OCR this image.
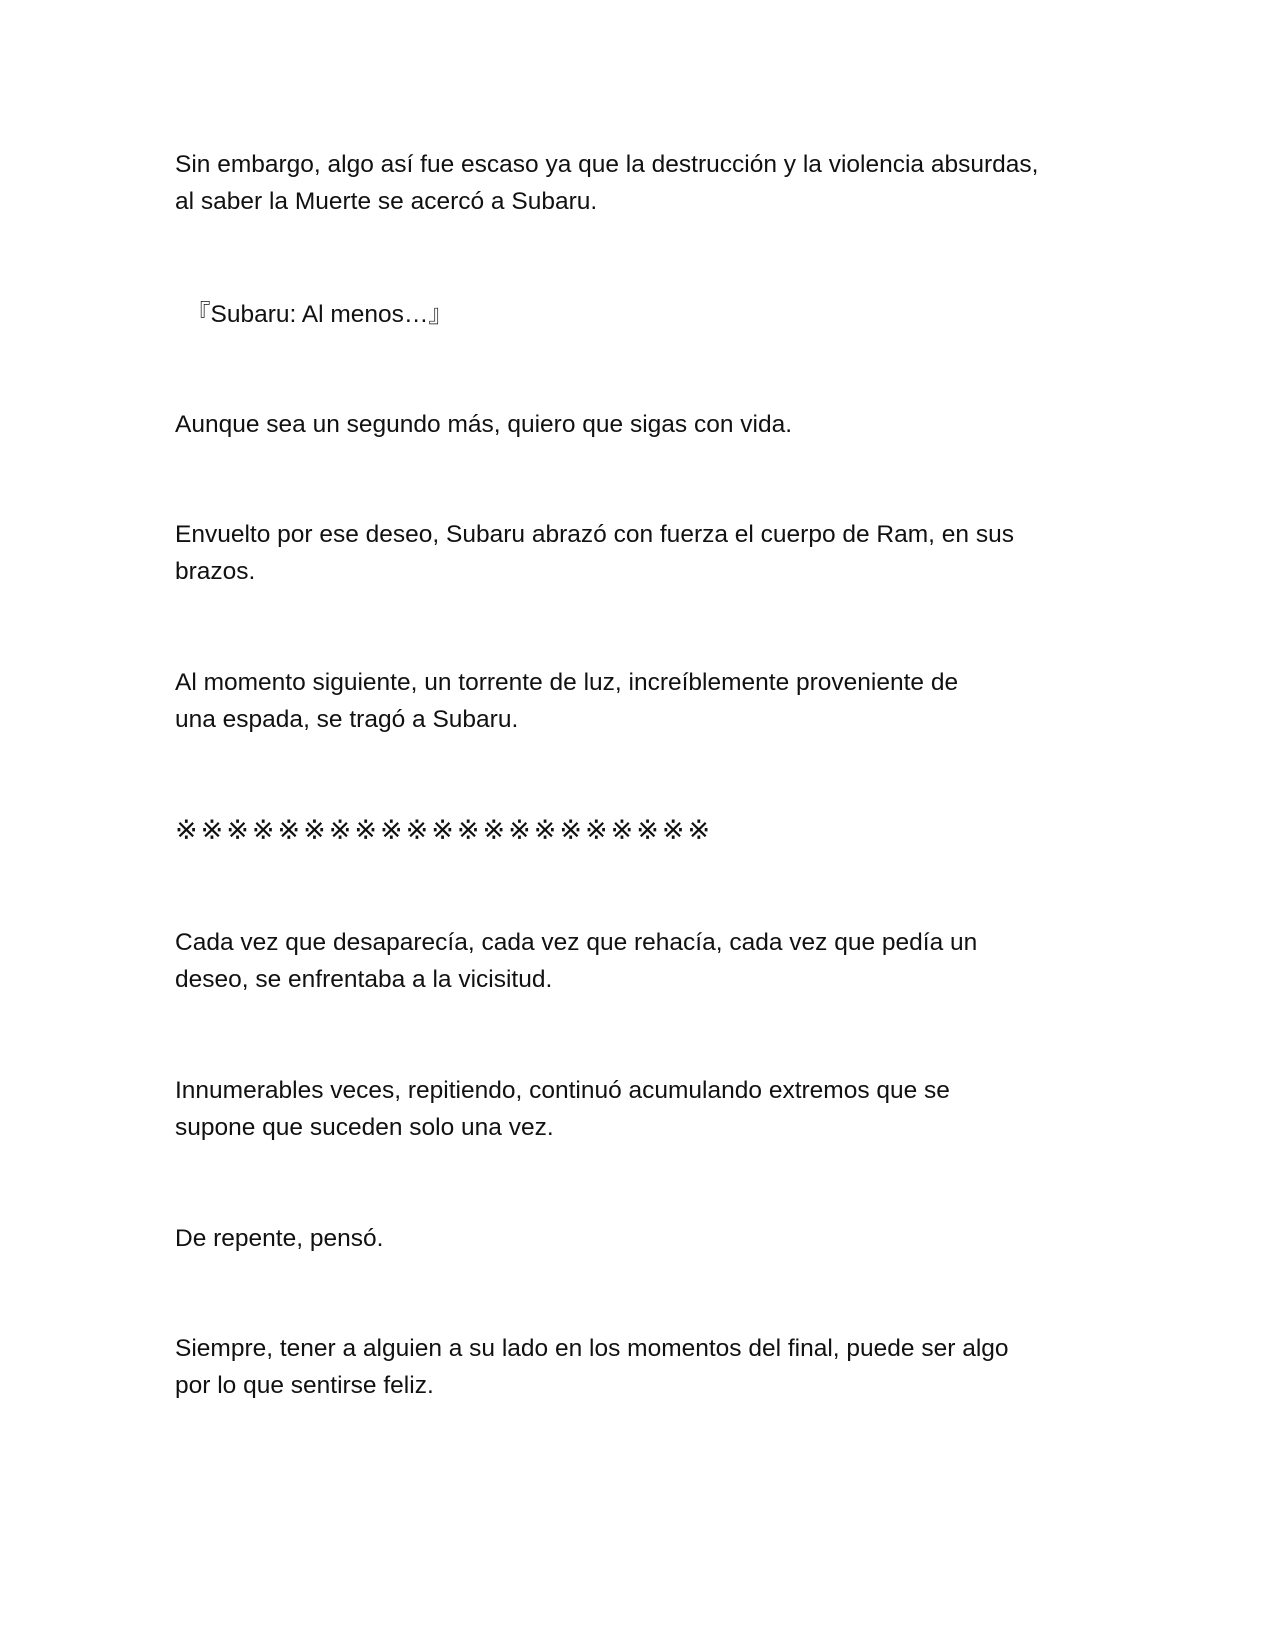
Sin embargo, algo así fue escaso ya que la destrucción y la violencia absurdas,
al saber la Muerte se acercó a Subaru.

『Subaru: Al menos…』

Aunque sea un segundo más, quiero que sigas con vida.

Envuelto por ese deseo, Subaru abrazó con fuerza el cuerpo de Ram, en sus
brazos.

Al momento siguiente, un torrente de luz, increíblemente proveniente de
una espada, se tragó a Subaru.

※※※※※※※※※※※※※※※※※※※※※

Cada vez que desaparecía, cada vez que rehacía, cada vez que pedía un
deseo, se enfrentaba a la vicisitud.

Innumerables veces, repitiendo, continuó acumulando extremos que se
supone que suceden solo una vez.

De repente, pensó.

Siempre, tener a alguien a su lado en los momentos del final, puede ser algo
por lo que sentirse feliz.
